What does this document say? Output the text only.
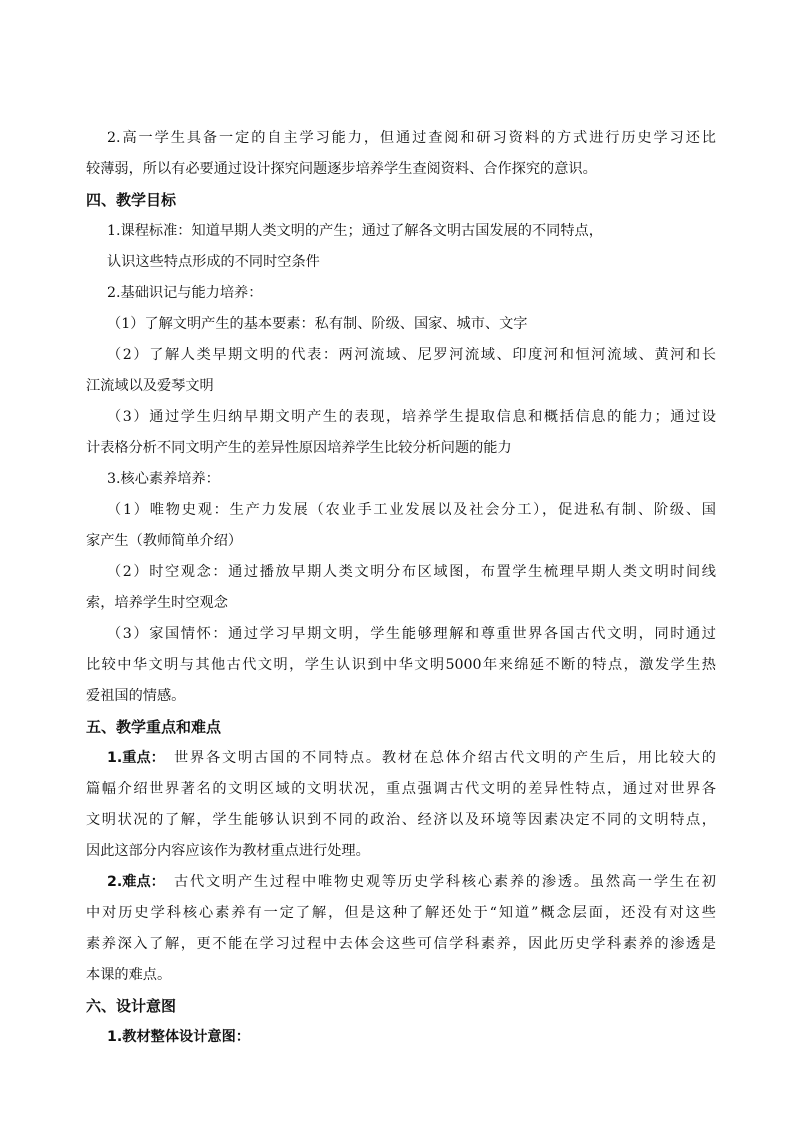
2.高一学生具备一定的自主学习能力，但通过查阅和研习资料的方式进行历史学习还比
较薄弱，所以有必要通过设计探究问题逐步培养学生查阅资料、合作探究的意识。
四、教学目标
1.课程标准：知道早期人类文明的产生；通过了解各文明古国发展的不同特点，
认识这些特点形成的不同时空条件
2.基础识记与能力培养：
（1）了解文明产生的基本要素：私有制、阶级、国家、城市、文字
（2）了解人类早期文明的代表：两河流域、尼罗河流域、印度河和恒河流域、黄河和长
江流域以及爱琴文明
（3）通过学生归纳早期文明产生的表现，培养学生提取信息和概括信息的能力；通过设
计表格分析不同文明产生的差异性原因培养学生比较分析问题的能力
3.核心素养培养：
（1）唯物史观：生产力发展（农业手工业发展以及社会分工），促进私有制、阶级、国
家产生（教师简单介绍）
（2）时空观念：通过播放早期人类文明分布区域图，布置学生梳理早期人类文明时间线
索，培养学生时空观念
（3）家国情怀：通过学习早期文明，学生能够理解和尊重世界各国古代文明，同时通过
比较中华文明与其他古代文明，学生认识到中华文明5000年来绵延不断的特点，激发学生热
爱祖国的情感。
五、教学重点和难点
1.重点： 世界各文明古国的不同特点。教材在总体介绍古代文明的产生后，用比较大的
篇幅介绍世界著名的文明区域的文明状况，重点强调古代文明的差异性特点，通过对世界各
文明状况的了解，学生能够认识到不同的政治、经济以及环境等因素决定不同的文明特点，
因此这部分内容应该作为教材重点进行处理。
2.难点： 古代文明产生过程中唯物史观等历史学科核心素养的渗透。虽然高一学生在初
中对历史学科核心素养有一定了解，但是这种了解还处于“知道”概念层面，还没有对这些
素养深入了解，更不能在学习过程中去体会这些可信学科素养，因此历史学科素养的渗透是
本课的难点。
六、设计意图
1.教材整体设计意图：
